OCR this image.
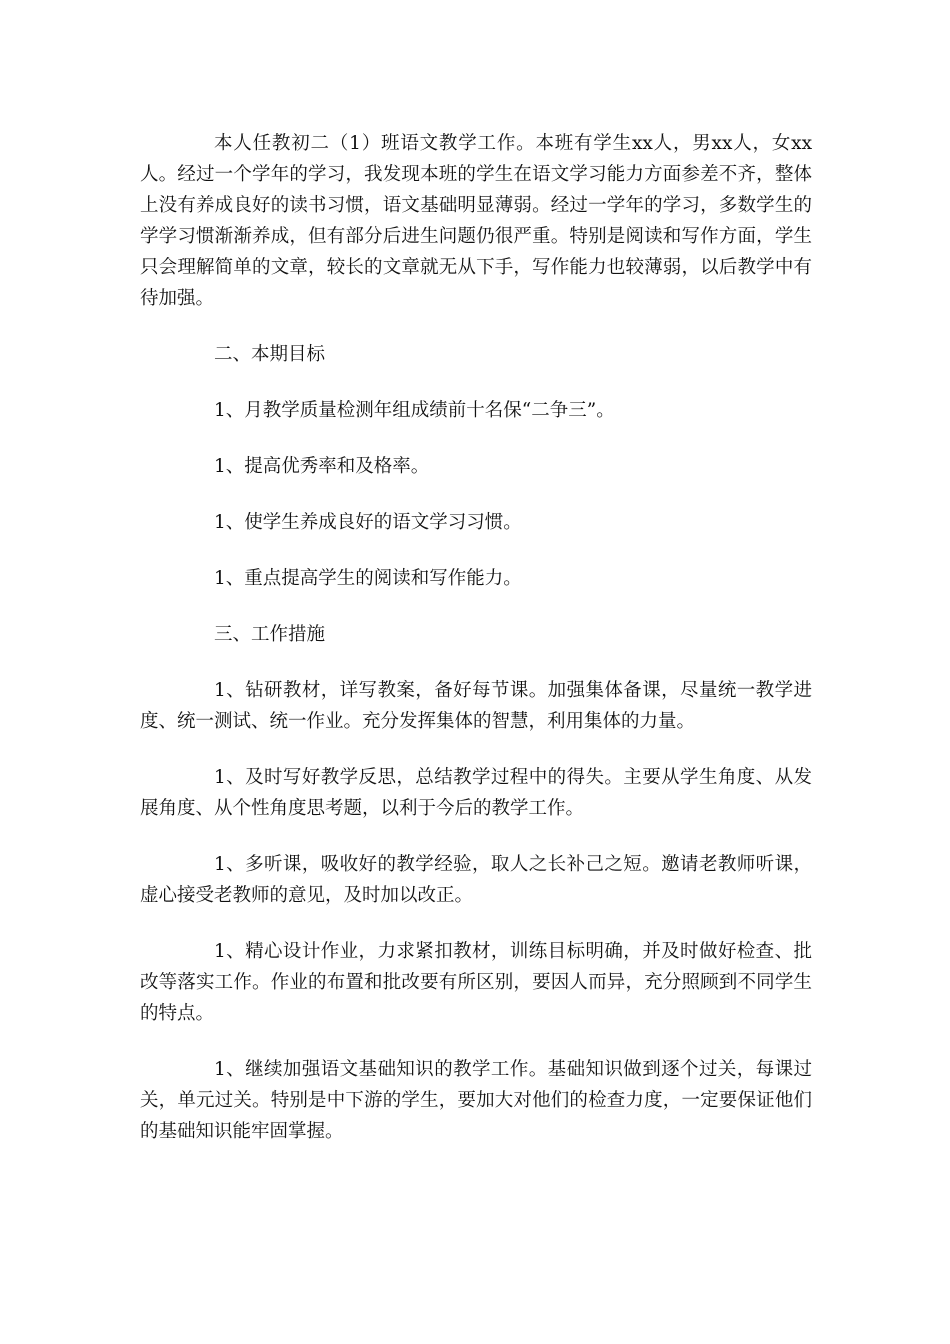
本人任教初二（1）班语文教学工作。本班有学生xx人，男xx人，女xx人。经过一个学年的学习，我发现本班的学生在语文学习能力方面参差不齐，整体上没有养成良好的读书习惯，语文基础明显薄弱。经过一学年的学习，多数学生的学学习惯渐渐养成，但有部分后进生问题仍很严重。特别是阅读和写作方面，学生只会理解简单的文章，较长的文章就无从下手，写作能力也较薄弱，以后教学中有待加强。

二、本期目标

1、月教学质量检测年组成绩前十名保“二争三”。

1、提高优秀率和及格率。

1、使学生养成良好的语文学习习惯。

1、重点提高学生的阅读和写作能力。

三、工作措施

1、钻研教材，详写教案，备好每节课。加强集体备课，尽量统一教学进度、统一测试、统一作业。充分发挥集体的智慧，利用集体的力量。

1、及时写好教学反思，总结教学过程中的得失。主要从学生角度、从发展角度、从个性角度思考题，以利于今后的教学工作。

1、多听课，吸收好的教学经验，取人之长补己之短。邀请老教师听课，虚心接受老教师的意见，及时加以改正。

1、精心设计作业，力求紧扣教材，训练目标明确，并及时做好检查、批改等落实工作。作业的布置和批改要有所区别，要因人而异，充分照顾到不同学生的特点。

1、继续加强语文基础知识的教学工作。基础知识做到逐个过关，每课过关，单元过关。特别是中下游的学生，要加大对他们的检查力度，一定要保证他们的基础知识能牢固掌握。
